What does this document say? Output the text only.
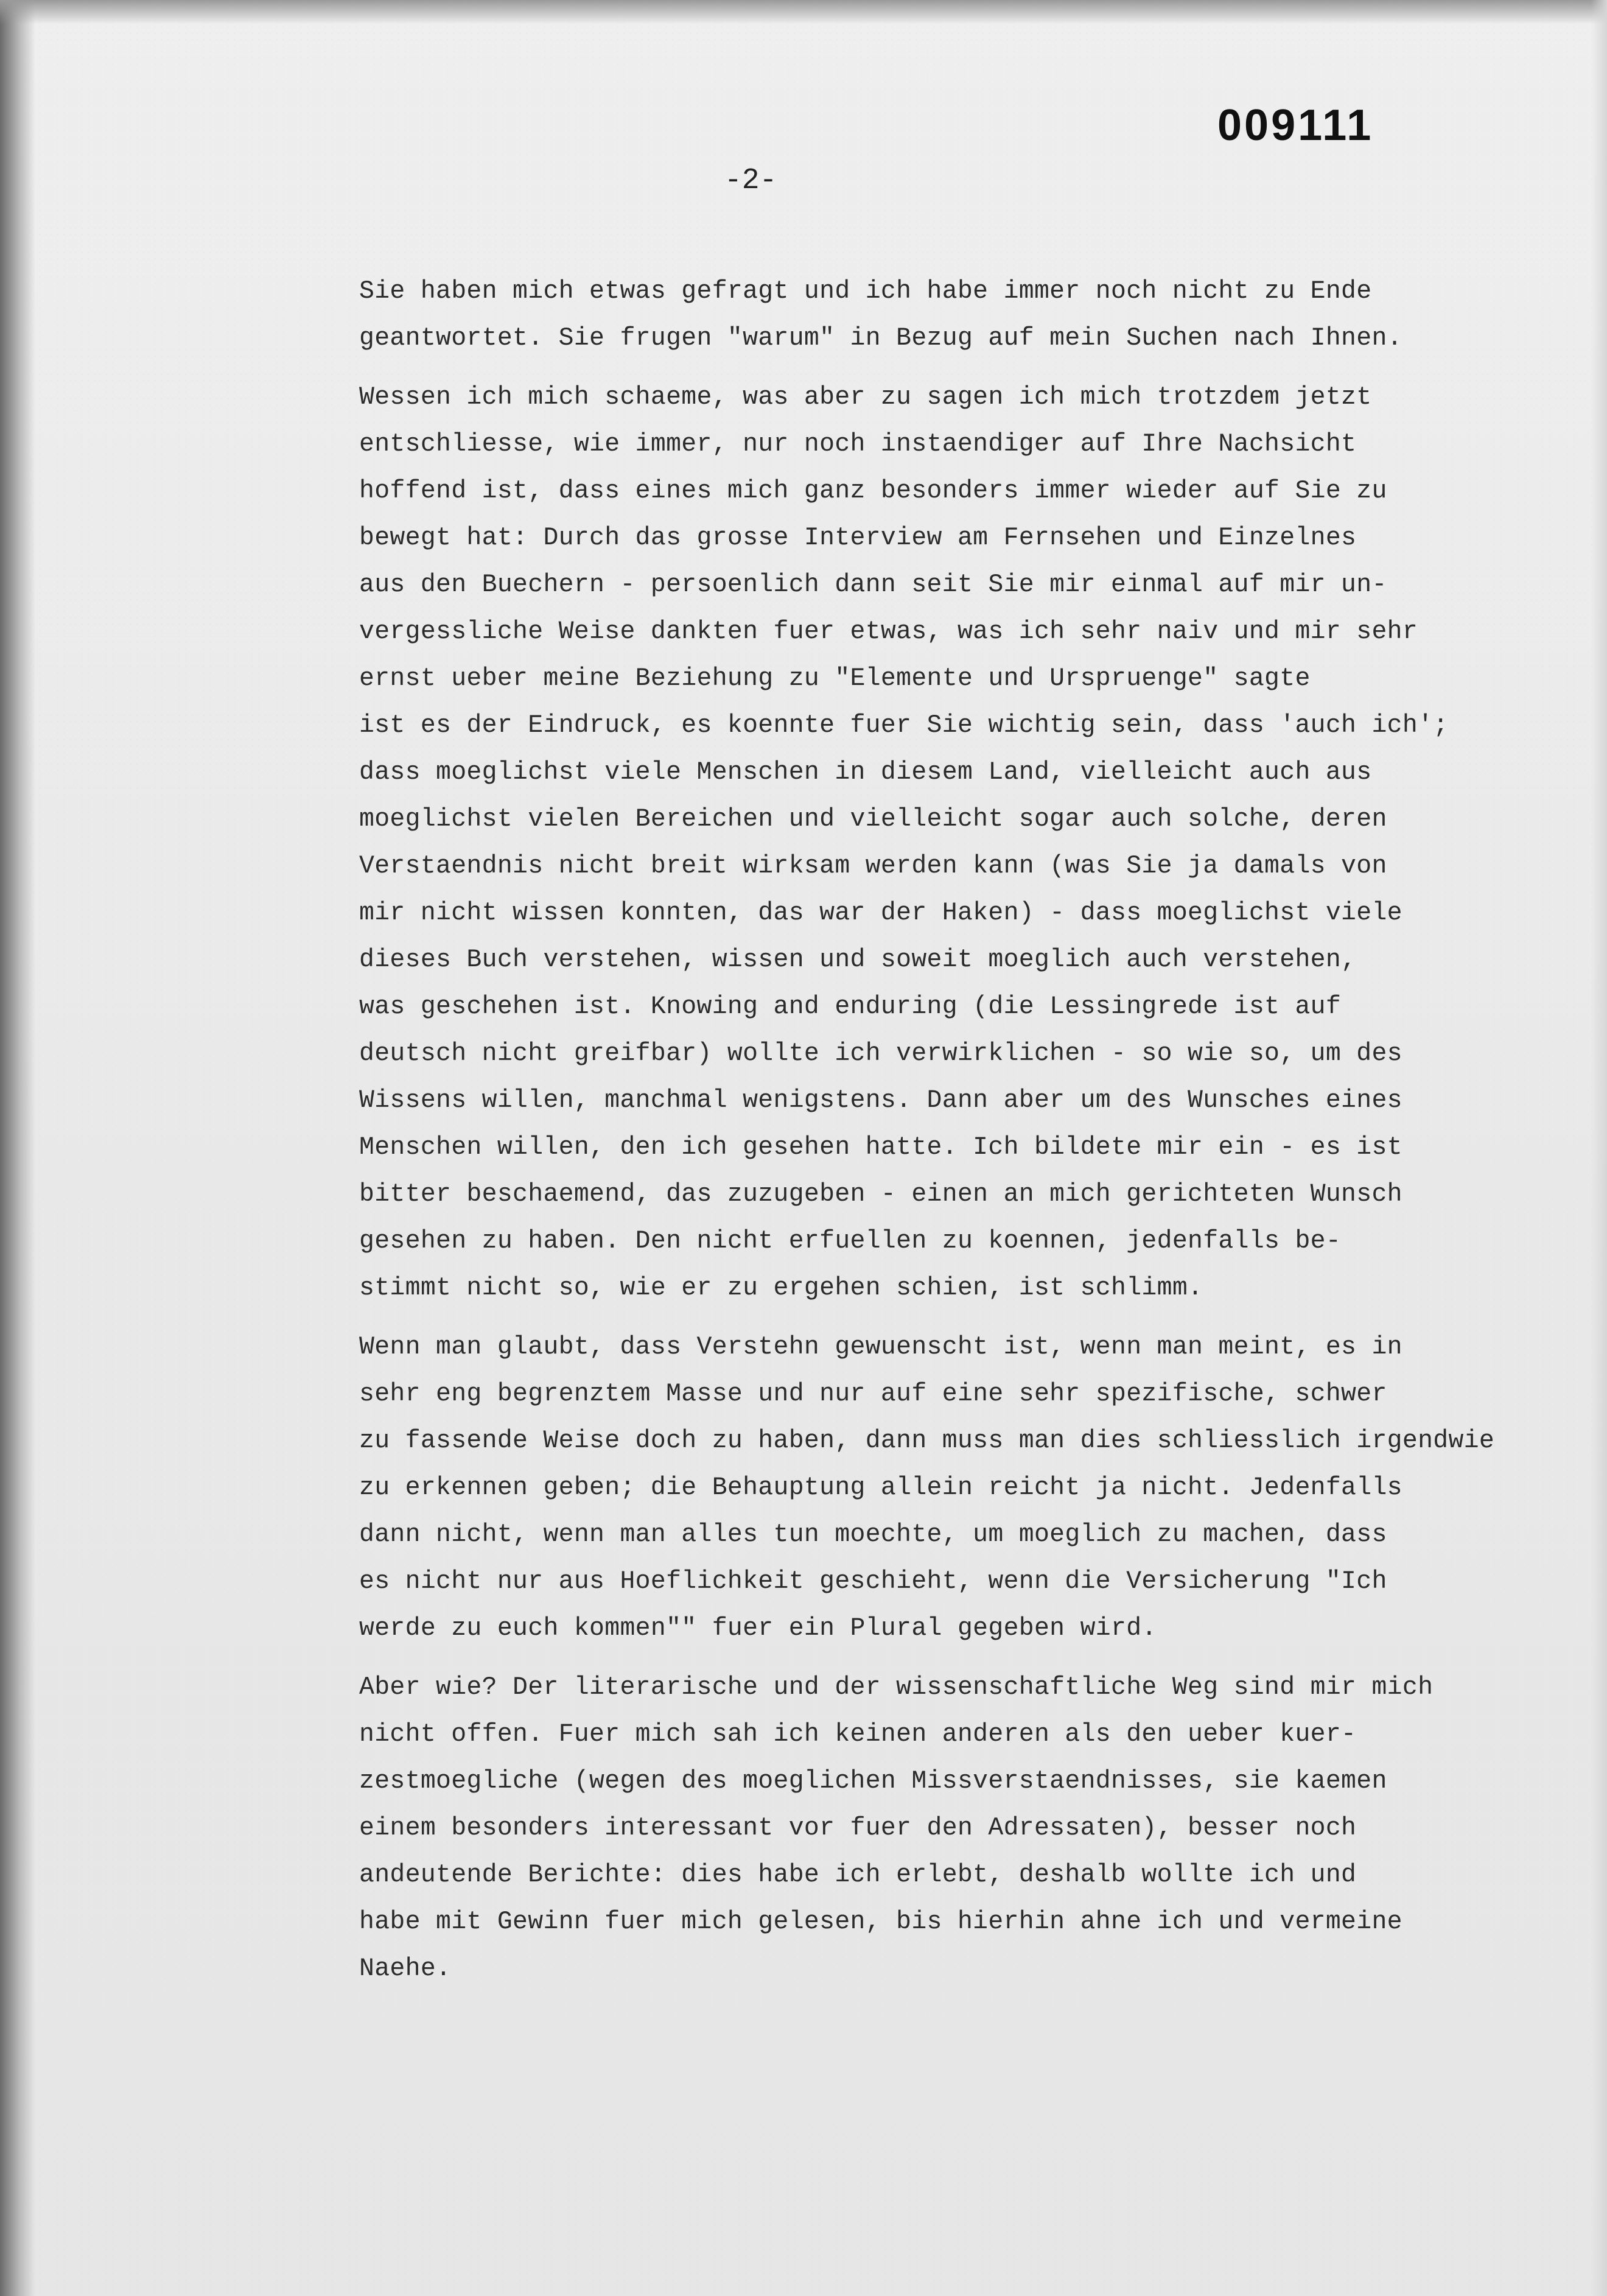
009111
-2-
Sie haben mich etwas gefragt und ich habe immer noch nicht zu Ende
geantwortet. Sie frugen "warum" in Bezug auf mein Suchen nach Ihnen.
Wessen ich mich schaeme, was aber zu sagen ich mich trotzdem jetzt
entschliesse, wie immer, nur noch instaendiger auf Ihre Nachsicht
hoffend ist, dass eines mich ganz besonders immer wieder auf Sie zu
bewegt hat: Durch das grosse Interview am Fernsehen und Einzelnes
aus den Buechern - persoenlich dann seit Sie mir einmal auf mir un-
vergessliche Weise dankten fuer etwas, was ich sehr naiv und mir sehr
ernst ueber meine Beziehung zu "Elemente und Urspruenge" sagte
ist es der Eindruck, es koennte fuer Sie wichtig sein, dass 'auch ich';
dass moeglichst viele Menschen in diesem Land, vielleicht auch aus
moeglichst vielen Bereichen und vielleicht sogar auch solche, deren
Verstaendnis nicht breit wirksam werden kann (was Sie ja damals von
mir nicht wissen konnten, das war der Haken) - dass moeglichst viele
dieses Buch verstehen, wissen und soweit moeglich auch verstehen,
was geschehen ist. Knowing and enduring (die Lessingrede ist auf
deutsch nicht greifbar) wollte ich verwirklichen - so wie so, um des
Wissens willen, manchmal wenigstens. Dann aber um des Wunsches eines
Menschen willen, den ich gesehen hatte. Ich bildete mir ein - es ist
bitter beschaemend, das zuzugeben - einen an mich gerichteten Wunsch
gesehen zu haben. Den nicht erfuellen zu koennen, jedenfalls be-
stimmt nicht so, wie er zu ergehen schien, ist schlimm.
Wenn man glaubt, dass Verstehn gewuenscht ist, wenn man meint, es in
sehr eng begrenztem Masse und nur auf eine sehr spezifische, schwer
zu fassende Weise doch zu haben, dann muss man dies schliesslich irgendwie
zu erkennen geben; die Behauptung allein reicht ja nicht. Jedenfalls
dann nicht, wenn man alles tun moechte, um moeglich zu machen, dass
es nicht nur aus Hoeflichkeit geschieht, wenn die Versicherung "Ich
werde zu euch kommen"" fuer ein Plural gegeben wird.
Aber wie? Der literarische und der wissenschaftliche Weg sind mir mich
nicht offen. Fuer mich sah ich keinen anderen als den ueber kuer-
zestmoegliche (wegen des moeglichen Missverstaendnisses, sie kaemen
einem besonders interessant vor fuer den Adressaten), besser noch
andeutende Berichte: dies habe ich erlebt, deshalb wollte ich und
habe mit Gewinn fuer mich gelesen, bis hierhin ahne ich und vermeine
Naehe.
